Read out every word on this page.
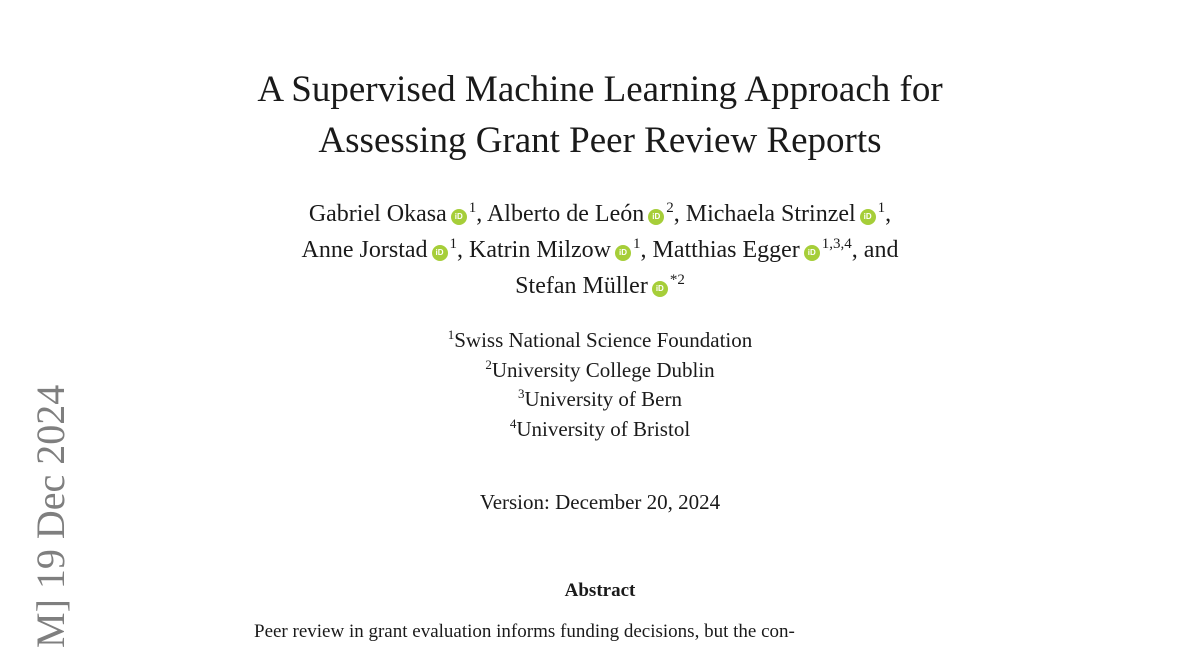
M] 19 Dec 2024
A Supervised Machine Learning Approach for
Assessing Grant Peer Review Reports
Gabriel Okasa $iD^1$, Alberto de León $iD^2$, Michaela Strinzel $iD^1$,
Anne Jorstad $iD^1$, Katrin Milzow $iD^1$, Matthias Egger iD$^{1,3,4}$, and
Stefan Müller $iD^{*2}$
$^1$Swiss National Science Foundation
$^2$University College Dublin
$^3$University of Bern
$^4$University of Bristol
Version: December 20, 2024
Abstract
Peer review in grant evaluation informs funding decisions, but the con-
